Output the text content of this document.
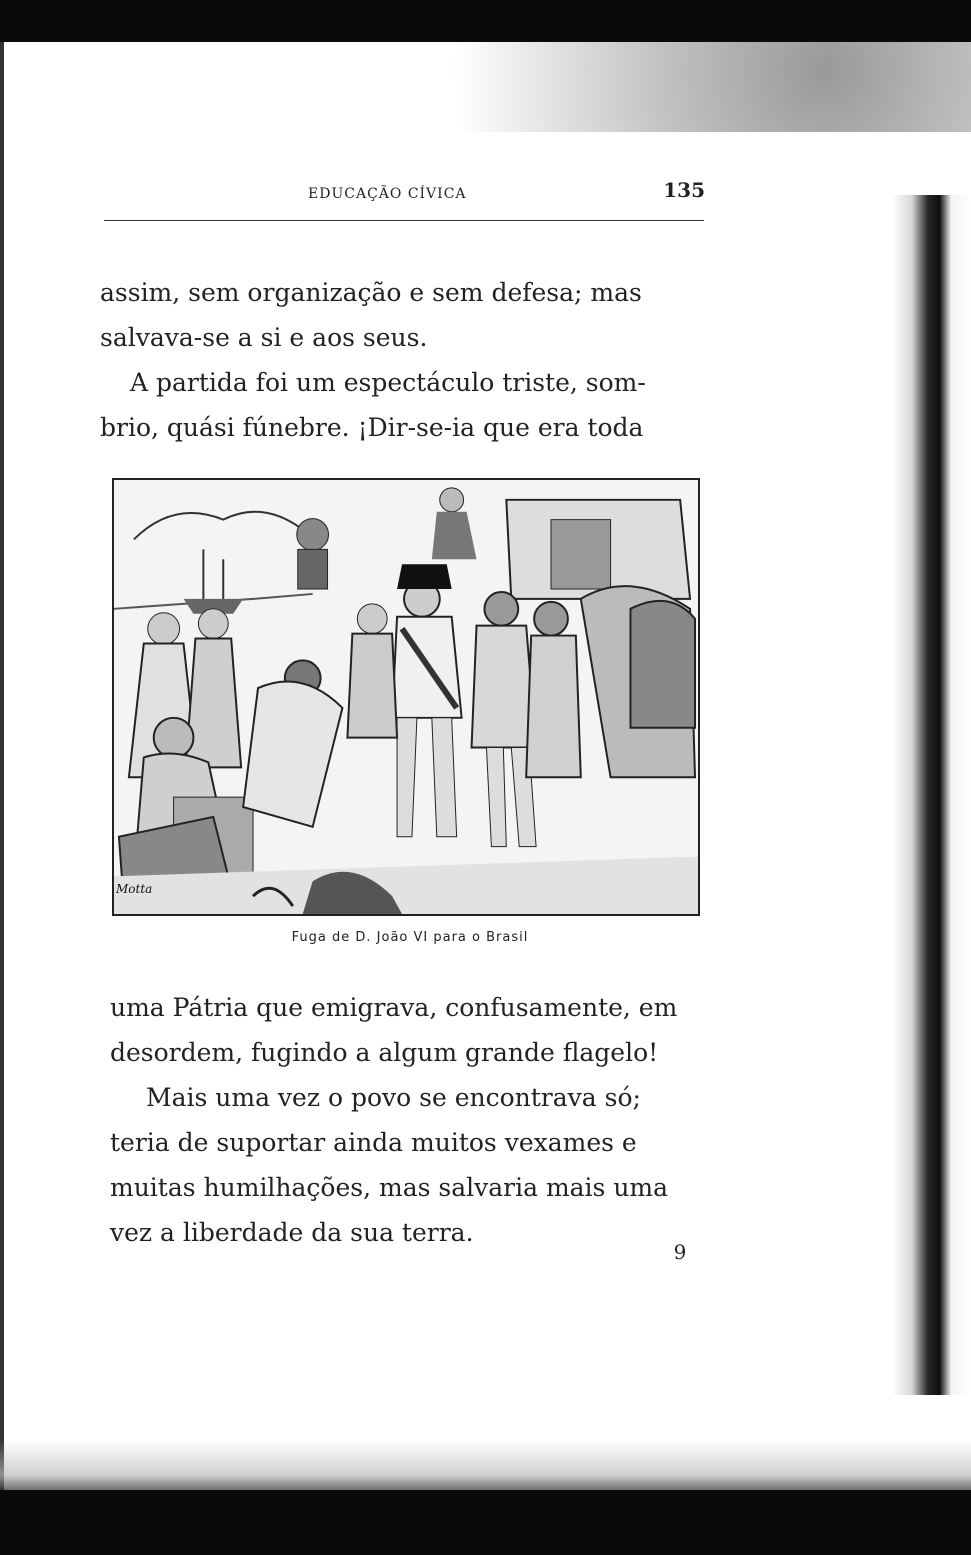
EDUCAÇÃO CÍVICA	135

assim, sem organização e sem defesa; mas
salvava-se a si e aos seus.
A partida foi um espectáculo triste, som-
brio, quási fúnebre. ¡Dir-se-ia que era toda

Motta
Fuga de D. João VI para o Brasil

uma Pátria que emigrava, confusamente, em
desordem, fugindo a algum grande flagelo!
Mais uma vez o povo se encontrava só;
teria de suportar ainda muitos vexames e
muitas humilhações, mas salvaria mais uma
vez a liberdade da sua terra.

9
